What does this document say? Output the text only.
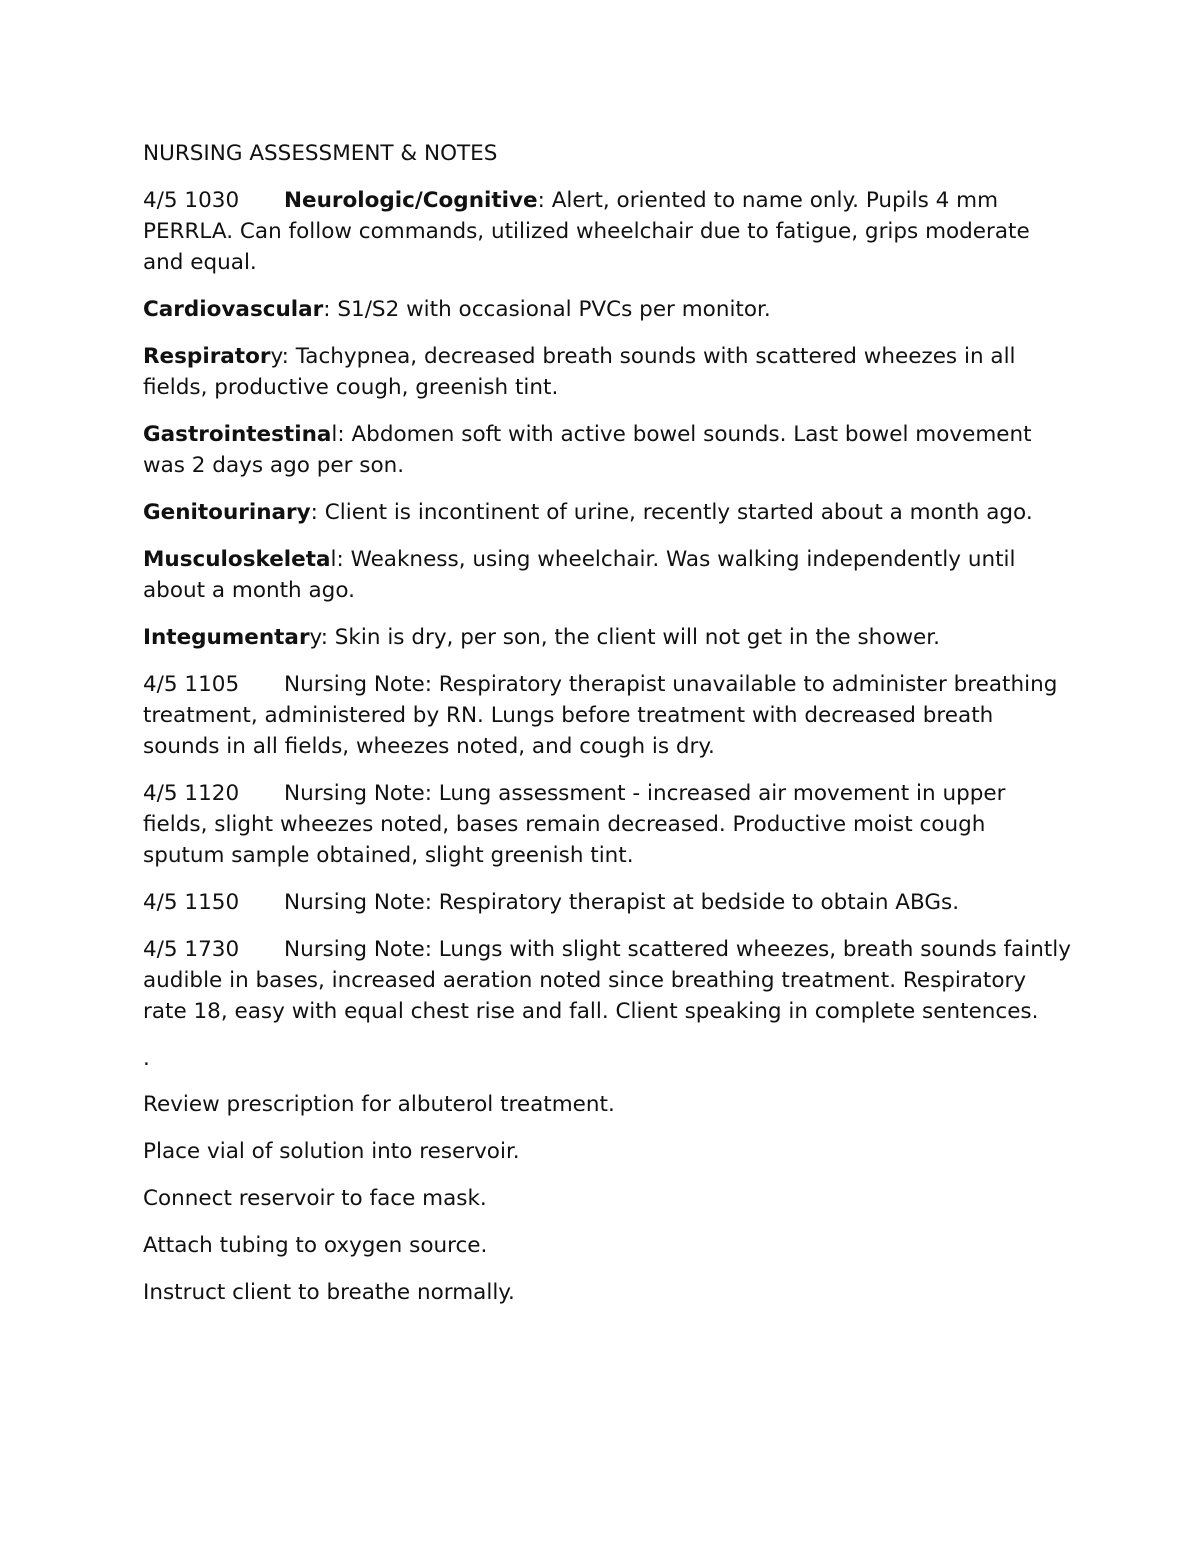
NURSING ASSESSMENT & NOTES

4/5 1030 Neurologic/Cognitive: Alert, oriented to name only. Pupils 4 mm PERRLA. Can follow commands, utilized wheelchair due to fatigue, grips moderate and equal.

Cardiovascular: S1/S2 with occasional PVCs per monitor.

Respiratory: Tachypnea, decreased breath sounds with scattered wheezes in all fields, productive cough, greenish tint.

Gastrointestinal: Abdomen soft with active bowel sounds. Last bowel movement was 2 days ago per son.

Genitourinary: Client is incontinent of urine, recently started about a month ago.

Musculoskeletal: Weakness, using wheelchair. Was walking independently until about a month ago.

Integumentary: Skin is dry, per son, the client will not get in the shower.

4/5 1105 Nursing Note: Respiratory therapist unavailable to administer breathing treatment, administered by RN. Lungs before treatment with decreased breath sounds in all fields, wheezes noted, and cough is dry.

4/5 1120 Nursing Note: Lung assessment - increased air movement in upper fields, slight wheezes noted, bases remain decreased. Productive moist cough sputum sample obtained, slight greenish tint.

4/5 1150 Nursing Note: Respiratory therapist at bedside to obtain ABGs.

4/5 1730 Nursing Note: Lungs with slight scattered wheezes, breath sounds faintly audible in bases, increased aeration noted since breathing treatment. Respiratory rate 18, easy with equal chest rise and fall. Client speaking in complete sentences.

.

Review prescription for albuterol treatment.

Place vial of solution into reservoir.

Connect reservoir to face mask.

Attach tubing to oxygen source.

Instruct client to breathe normally.
